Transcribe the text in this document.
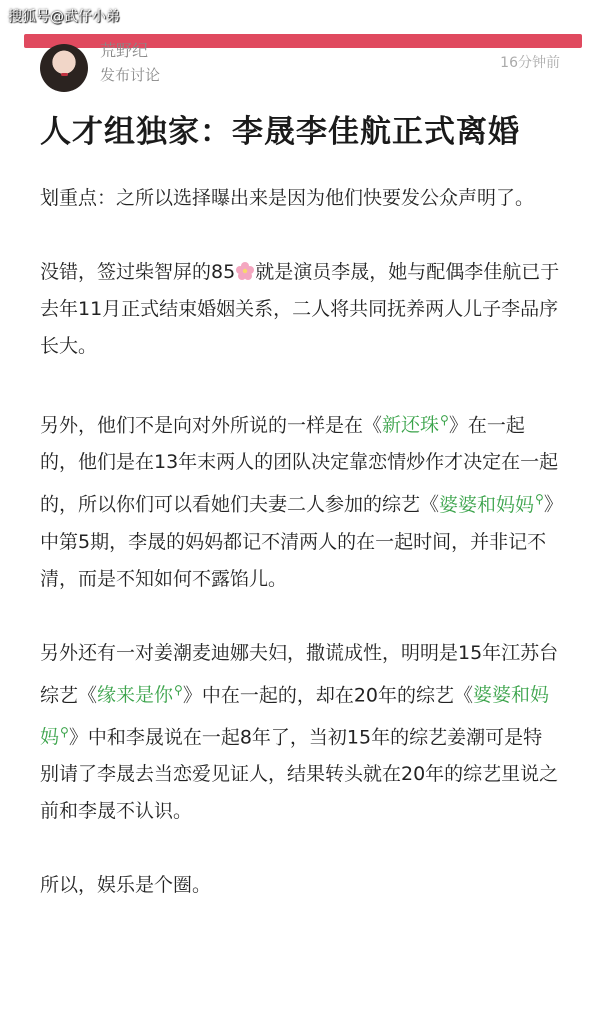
搜狐号@武仔小弟
荒野纪
发布讨论
16分钟前
人才组独家：李晟李佳航正式离婚

划重点：之所以选择曝出来是因为他们快要发公众声明了。

没错，签过柴智屏的85 就是演员李晟，她与配偶李佳航已于去年11月正式结束婚姻关系，二人将共同抚养两人儿子李品序长大。

另外，他们不是向对外所说的一样是在《新还珠⚲》在一起的，他们是在13年末两人的团队决定靠恋情炒作才决定在一起的，所以你们可以看她们夫妻二人参加的综艺《婆婆和妈妈⚲》中第5期，李晟的妈妈都记不清两人的在一起时间，并非记不清，而是不知如何不露馅儿。

另外还有一对姜潮麦迪娜夫妇，撒谎成性，明明是15年江苏台综艺《缘来是你⚲》中在一起的，却在20年的综艺《婆婆和妈妈⚲》中和李晟说在一起8年了，当初15年的综艺姜潮可是特别请了李晟去当恋爱见证人，结果转头就在20年的综艺里说之前和李晟不认识。

所以，娱乐是个圈。
